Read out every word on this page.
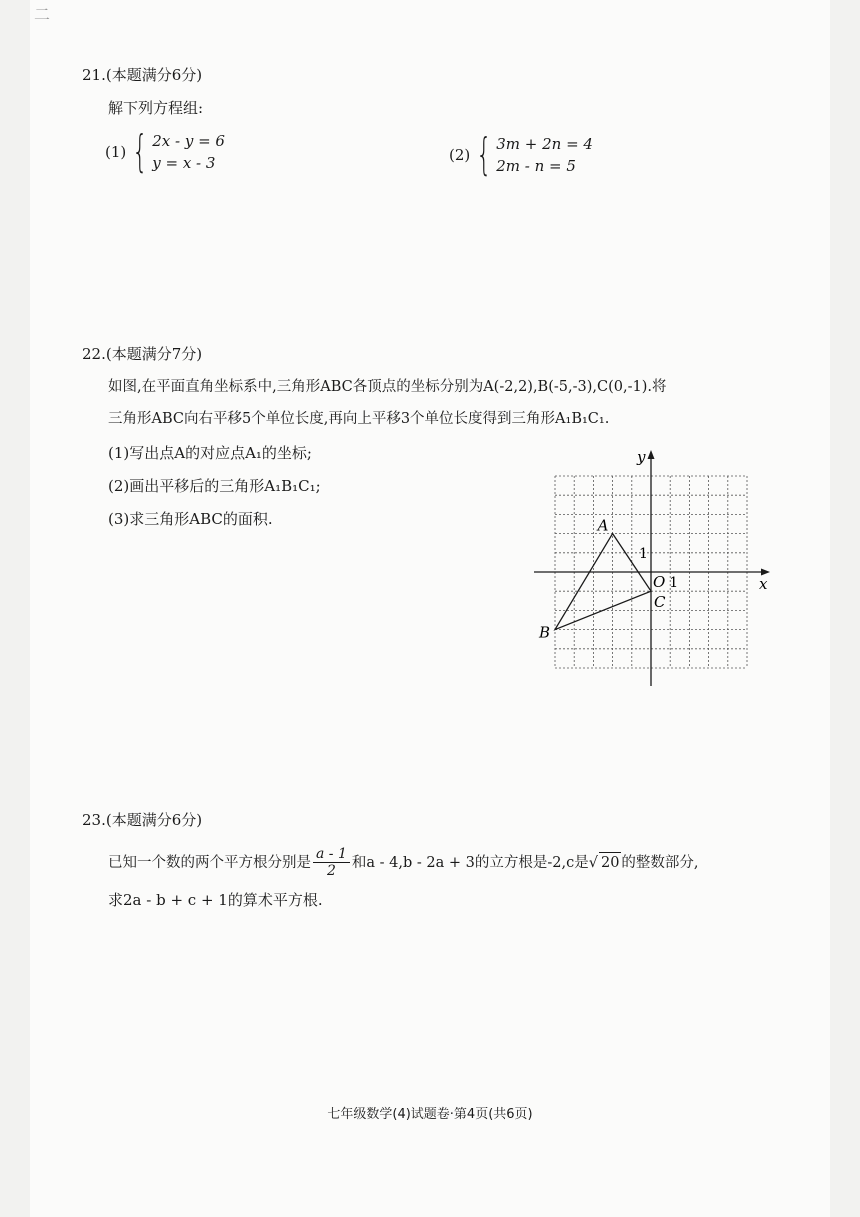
二
21.(本题满分6分)
解下列方程组:
(1) { 2x - y = 6
y = x - 3	(2) { 3m + 2n = 4
2m - n = 5
22.(本题满分7分)
如图,在平面直角坐标系中,三角形ABC各顶点的坐标分别为A(-2,2),B(-5,-3),C(0,-1).将
三角形ABC向右平移5个单位长度,再向上平移3个单位长度得到三角形A₁B₁C₁.
(1)写出点A的对应点A₁的坐标;
(2)画出平移后的三角形A₁B₁C₁;
(3)求三角形ABC的面积.
x
y
O 1
1
A
B
C
23.(本题满分6分)
已知一个数的两个平方根分别是 $\frac{a - 1}{2}$ 和a - 4,b - 2a + 3的立方根是-2,c是 √ 20 的整数部分,
求2a - b + c + 1的算术平方根.
七年级数学(4)试题卷·第4页(共6页)
